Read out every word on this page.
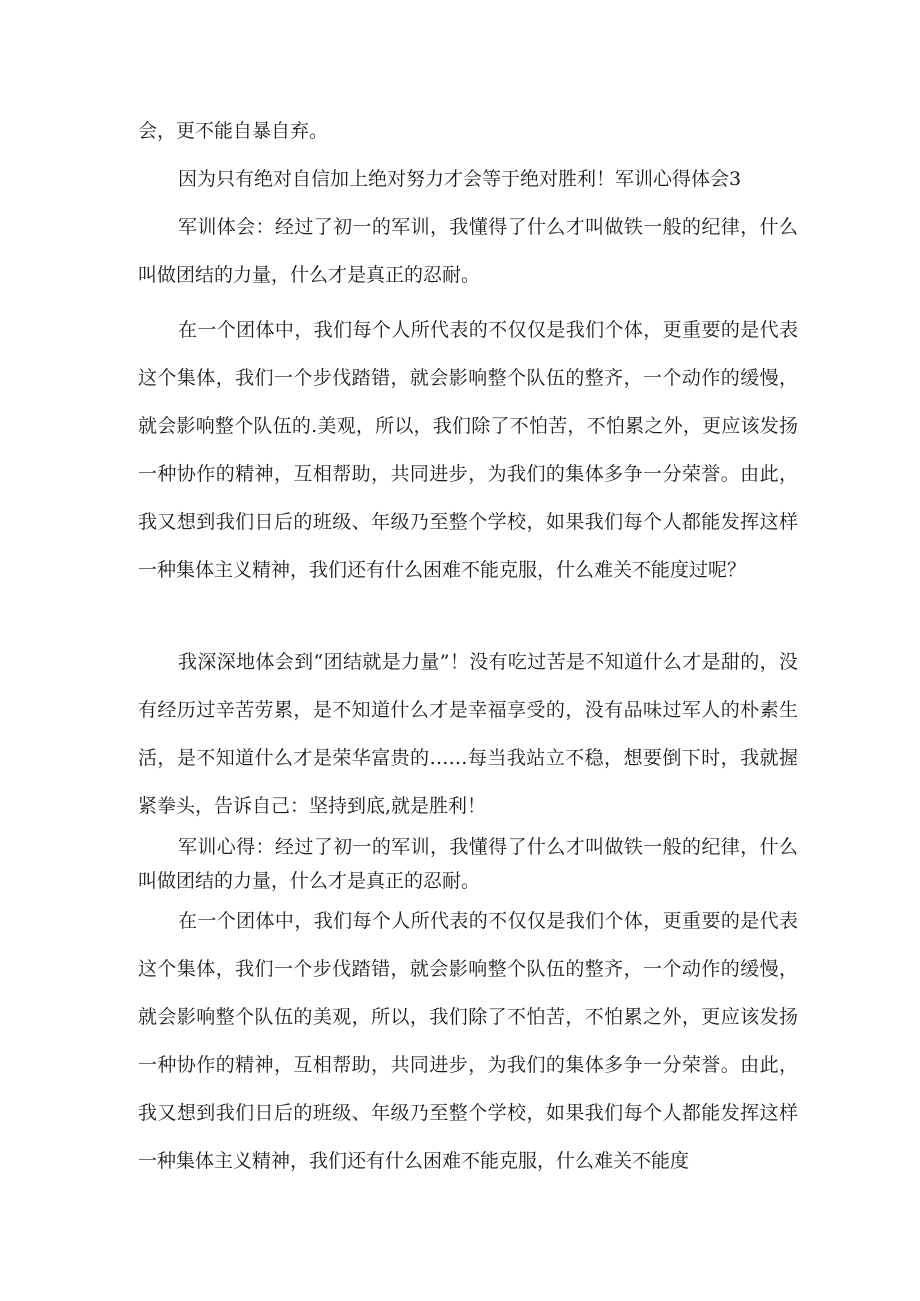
会，更不能自暴自弃。

因为只有绝对自信加上绝对努力才会等于绝对胜利！军训心得体会3

军训体会：经过了初一的军训，我懂得了什么才叫做铁一般的纪律，什么叫做团结的力量，什么才是真正的忍耐。

在一个团体中，我们每个人所代表的不仅仅是我们个体，更重要的是代表这个集体，我们一个步伐踏错，就会影响整个队伍的整齐，一个动作的缓慢，就会影响整个队伍的.美观，所以，我们除了不怕苦，不怕累之外，更应该发扬一种协作的精神，互相帮助，共同进步，为我们的集体多争一分荣誉。由此，我又想到我们日后的班级、年级乃至整个学校，如果我们每个人都能发挥这样一种集体主义精神，我们还有什么困难不能克服，什么难关不能度过呢？

我深深地体会到“团结就是力量”！没有吃过苦是不知道什么才是甜的，没有经历过辛苦劳累，是不知道什么才是幸福享受的，没有品味过军人的朴素生活，是不知道什么才是荣华富贵的……每当我站立不稳，想要倒下时，我就握紧拳头，告诉自己：坚持到底,就是胜利！

军训心得：经过了初一的军训，我懂得了什么才叫做铁一般的纪律，什么叫做团结的力量，什么才是真正的忍耐。

在一个团体中，我们每个人所代表的不仅仅是我们个体，更重要的是代表这个集体，我们一个步伐踏错，就会影响整个队伍的整齐，一个动作的缓慢，就会影响整个队伍的美观，所以，我们除了不怕苦，不怕累之外，更应该发扬一种协作的精神，互相帮助，共同进步，为我们的集体多争一分荣誉。由此，我又想到我们日后的班级、年级乃至整个学校，如果我们每个人都能发挥这样一种集体主义精神，我们还有什么困难不能克服，什么难关不能度
